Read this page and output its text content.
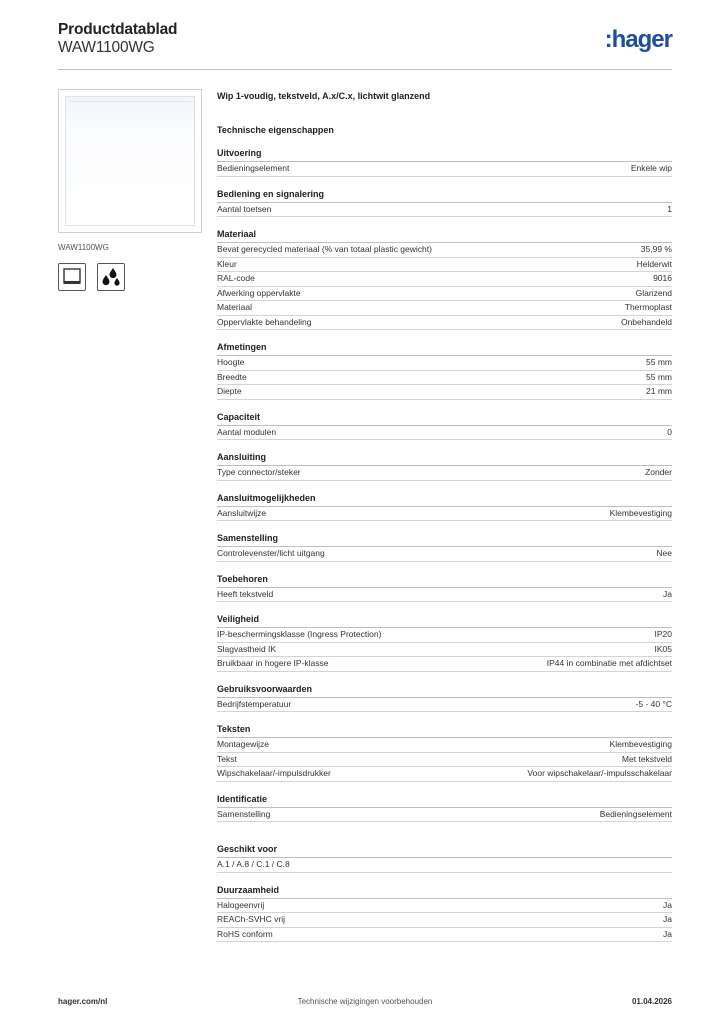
Productdatablad
WAW1100WG	:hager
WAW1100WG
Wip 1-voudig, tekstveld, A.x/C.x, lichtwit glanzend
Technische eigenschappen
Uitvoering
Bedieningselement	Enkele wip
Bediening en signalering
Aantal toetsen	1
Materiaal
Bevat gerecycled materiaal (% van totaal plastic gewicht)	35,99 %
Kleur	Helderwit
RAL-code	9016
Afwerking oppervlakte	Glanzend
Materiaal	Thermoplast
Oppervlakte behandeling	Onbehandeld
Afmetingen
Hoogte	55 mm
Breedte	55 mm
Diepte	21 mm
Capaciteit
Aantal modulen	0
Aansluiting
Type connector/steker	Zonder
Aansluitmogelijkheden
Aansluitwijze	Klembevestiging
Samenstelling
Controlevenster/licht uitgang	Nee
Toebehoren
Heeft tekstveld	Ja
Veiligheid
IP-beschermingsklasse (Ingress Protection)	IP20
Slagvastheid IK	IK05
Bruikbaar in hogere IP-klasse	IP44 in combinatie met afdichtset
Gebruiksvoorwaarden
Bedrijfstemperatuur	-5 - 40 °C
Teksten
Montagewijze	Klembevestiging
Tekst	Met tekstveld
Wipschakelaar/-impulsdrukker	Voor wipschakelaar/-impulsschakelaar
Identificatie
Samenstelling	Bedieningselement
Geschikt voor
A.1 / A.8 / C.1 / C.8
Duurzaamheid
Halogeenvrij	Ja
REACh-SVHC vrij	Ja
RoHS conform	Ja
hager.com/nl	Technische wijzigingen voorbehouden	01.04.2026
